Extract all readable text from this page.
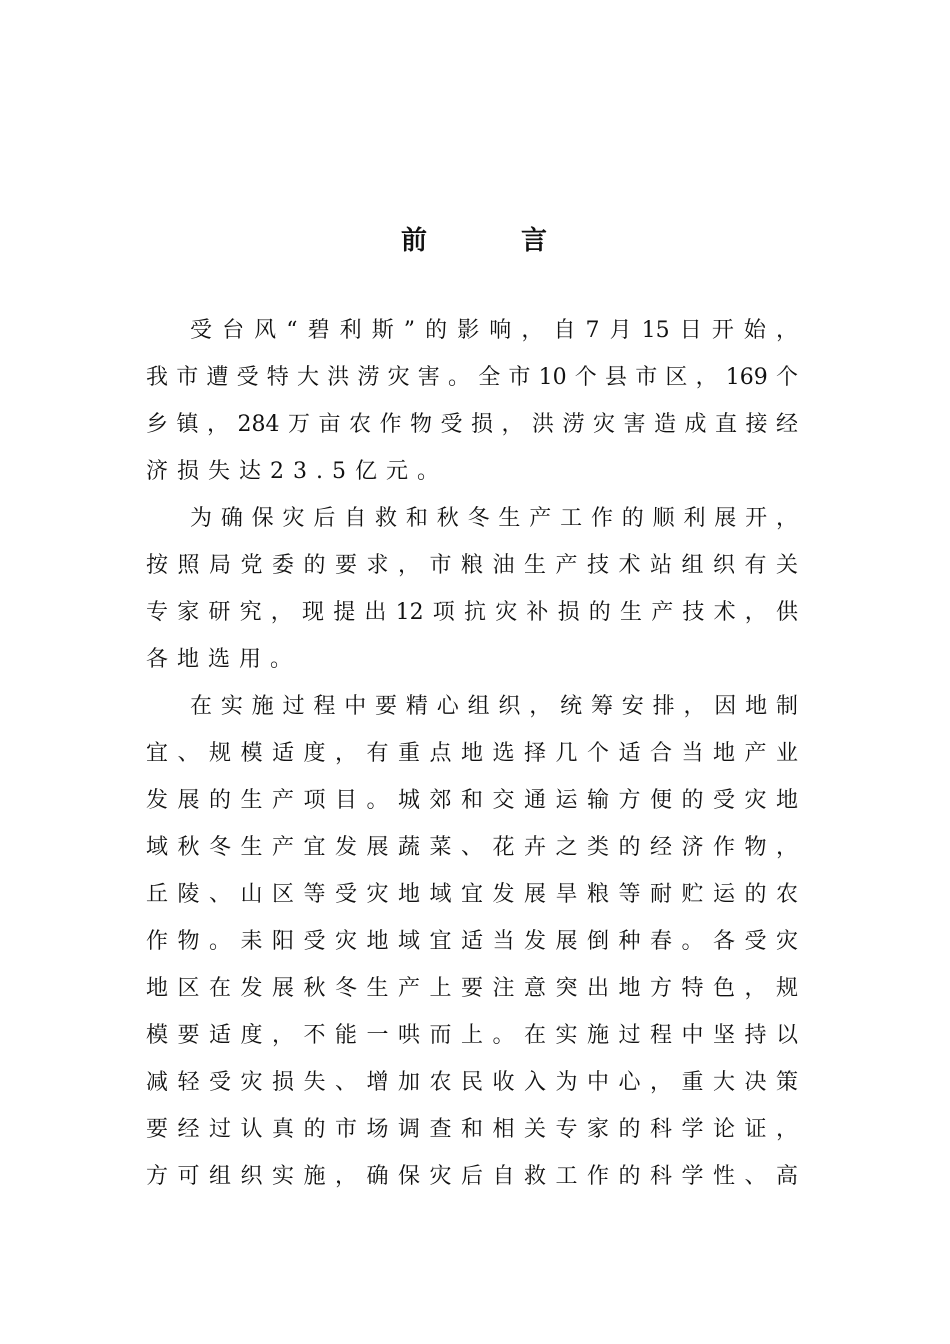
前	言
受台风“碧利斯”的影响，自7月15日开始，
我市遭受特大洪涝灾害。全市10个县市区，169个
乡镇，284万亩农作物受损，洪涝灾害造成直接经
济损失达23.5亿元。
为确保灾后自救和秋冬生产工作的顺利展开，
按照局党委的要求，市粮油生产技术站组织有关
专家研究，现提出12项抗灾补损的生产技术，供
各地选用。
在实施过程中要精心组织，统筹安排，因地制
宜、规模适度，有重点地选择几个适合当地产业
发展的生产项目。城郊和交通运输方便的受灾地
域秋冬生产宜发展蔬菜、花卉之类的经济作物，
丘陵、山区等受灾地域宜发展旱粮等耐贮运的农
作物。耒阳受灾地域宜适当发展倒种春。各受灾
地区在发展秋冬生产上要注意突出地方特色，规
模要适度，不能一哄而上。在实施过程中坚持以
减轻受灾损失、增加农民收入为中心，重大决策
要经过认真的市场调查和相关专家的科学论证，
方可组织实施，确保灾后自救工作的科学性、高
